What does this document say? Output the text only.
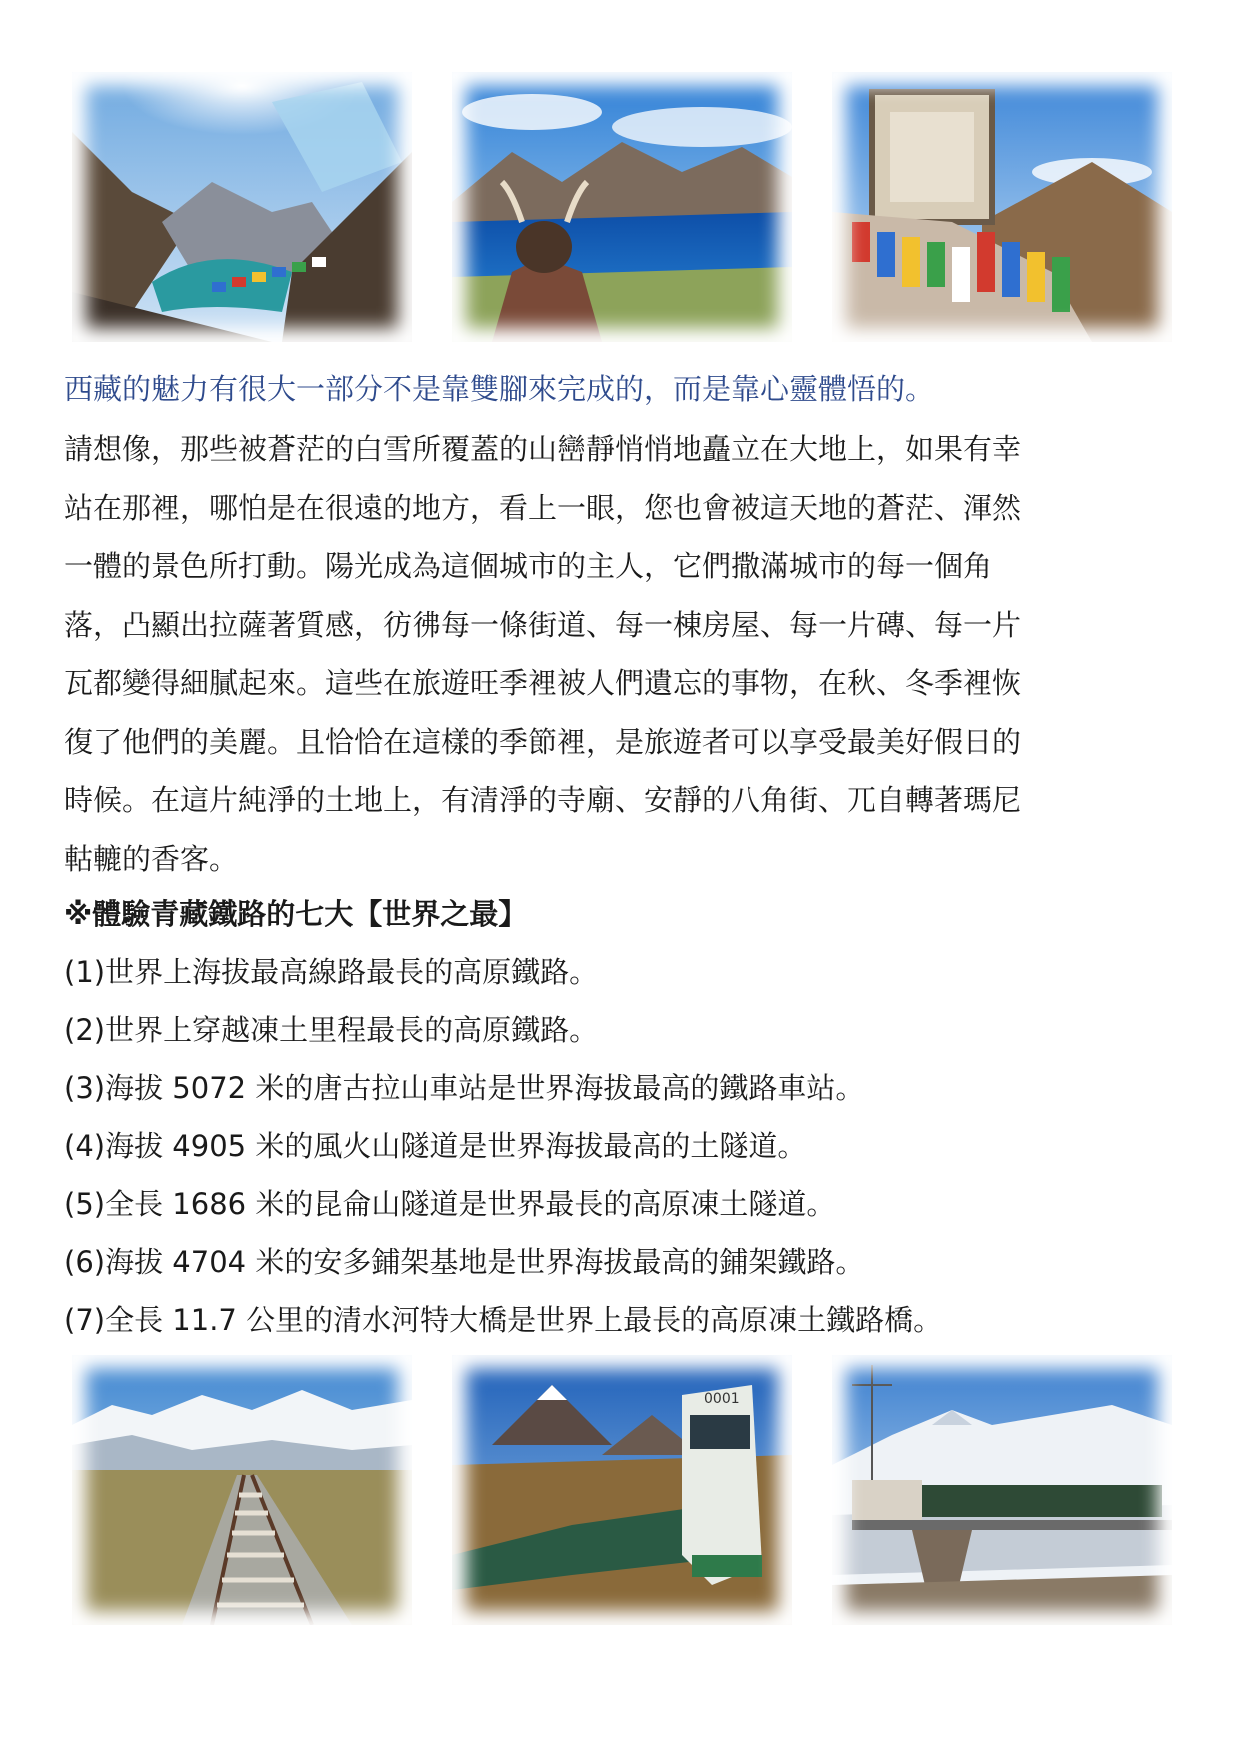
西藏的魅力有很大一部分不是靠雙腳來完成的，而是靠心靈體悟的。
請想像，那些被蒼茫的白雪所覆蓋的山巒靜悄悄地矗立在大地上，如果有幸
站在那裡，哪怕是在很遠的地方，看上一眼，您也會被這天地的蒼茫、渾然
一體的景色所打動。陽光成為這個城市的主人，它們撒滿城市的每一個角
落，凸顯出拉薩著質感，彷彿每一條街道、每一棟房屋、每一片磚、每一片
瓦都變得細膩起來。這些在旅遊旺季裡被人們遺忘的事物，在秋、冬季裡恢
復了他們的美麗。且恰恰在這樣的季節裡，是旅遊者可以享受最美好假日的
時候。在這片純淨的土地上，有清淨的寺廟、安靜的八角街、兀自轉著瑪尼
軲轆的香客。
※體驗青藏鐵路的七大【世界之最】
(1)世界上海拔最高線路最長的高原鐵路。
(2)世界上穿越凍土里程最長的高原鐵路。
(3)海拔 5072 米的唐古拉山車站是世界海拔最高的鐵路車站。
(4)海拔 4905 米的風火山隧道是世界海拔最高的土隧道。
(5)全長 1686 米的昆侖山隧道是世界最長的高原凍土隧道。
(6)海拔 4704 米的安多鋪架基地是世界海拔最高的鋪架鐵路。
(7)全長 11.7 公里的清水河特大橋是世界上最長的高原凍土鐵路橋。
0001
